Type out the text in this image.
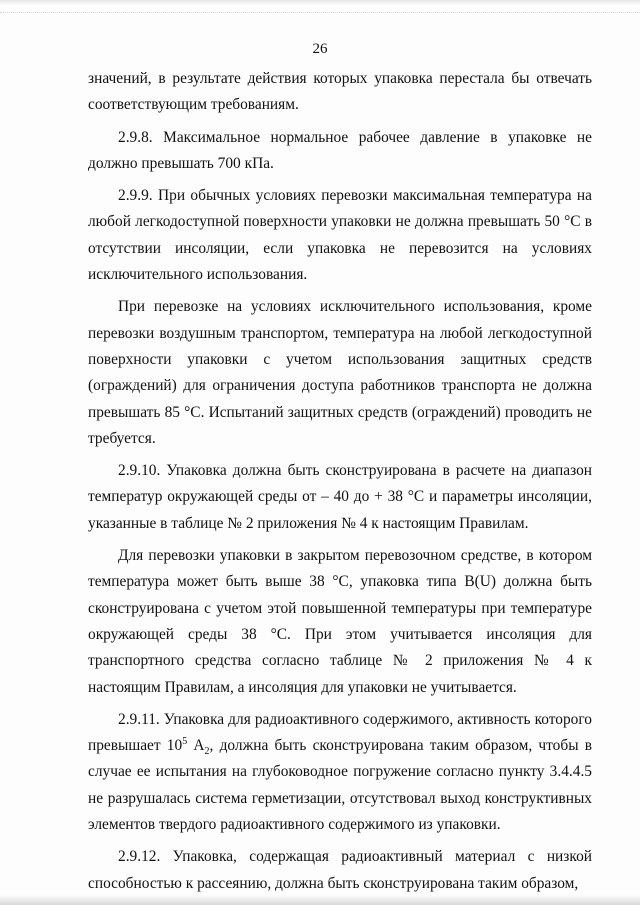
26

значений, в результате действия которых упаковка перестала бы отвечать соответствующим требованиям.

2.9.8. Максимальное нормальное рабочее давление в упаковке не должно превышать 700 кПа.

2.9.9. При обычных условиях перевозки максимальная температура на любой легкодоступной поверхности упаковки не должна превышать 50 °С в отсутствии инсоляции, если упаковка не перевозится на условиях исключительного использования.

При перевозке на условиях исключительного использования, кроме перевозки воздушным транспортом, температура на любой легкодоступной поверхности упаковки с учетом использования защитных средств (ограждений) для ограничения доступа работников транспорта не должна превышать 85 °С. Испытаний защитных средств (ограждений) проводить не требуется.

2.9.10. Упаковка должна быть сконструирована в расчете на диапазон температур окружающей среды от – 40 до + 38 °С и параметры инсоляции, указанные в таблице № 2 приложения № 4 к настоящим Правилам.

Для перевозки упаковки в закрытом перевозочном средстве, в котором температура может быть выше 38 °С, упаковка типа B(U) должна быть сконструирована с учетом этой повышенной температуры при температуре окружающей среды 38 °С. При этом учитывается инсоляция для транспортного средства согласно таблице № 2 приложения № 4 к настоящим Правилам, а инсоляция для упаковки не учитывается.

2.9.11. Упаковка для радиоактивного содержимого, активность которого превышает $10^5$ $А_2$, должна быть сконструирована таким образом, чтобы в случае ее испытания на глубоководное погружение согласно пункту 3.4.4.5 не разрушалась система герметизации, отсутствовал выход конструктивных элементов твердого радиоактивного содержимого из упаковки.

2.9.12. Упаковка, содержащая радиоактивный материал с низкой способностью к рассеянию, должна быть сконструирована таким образом,
